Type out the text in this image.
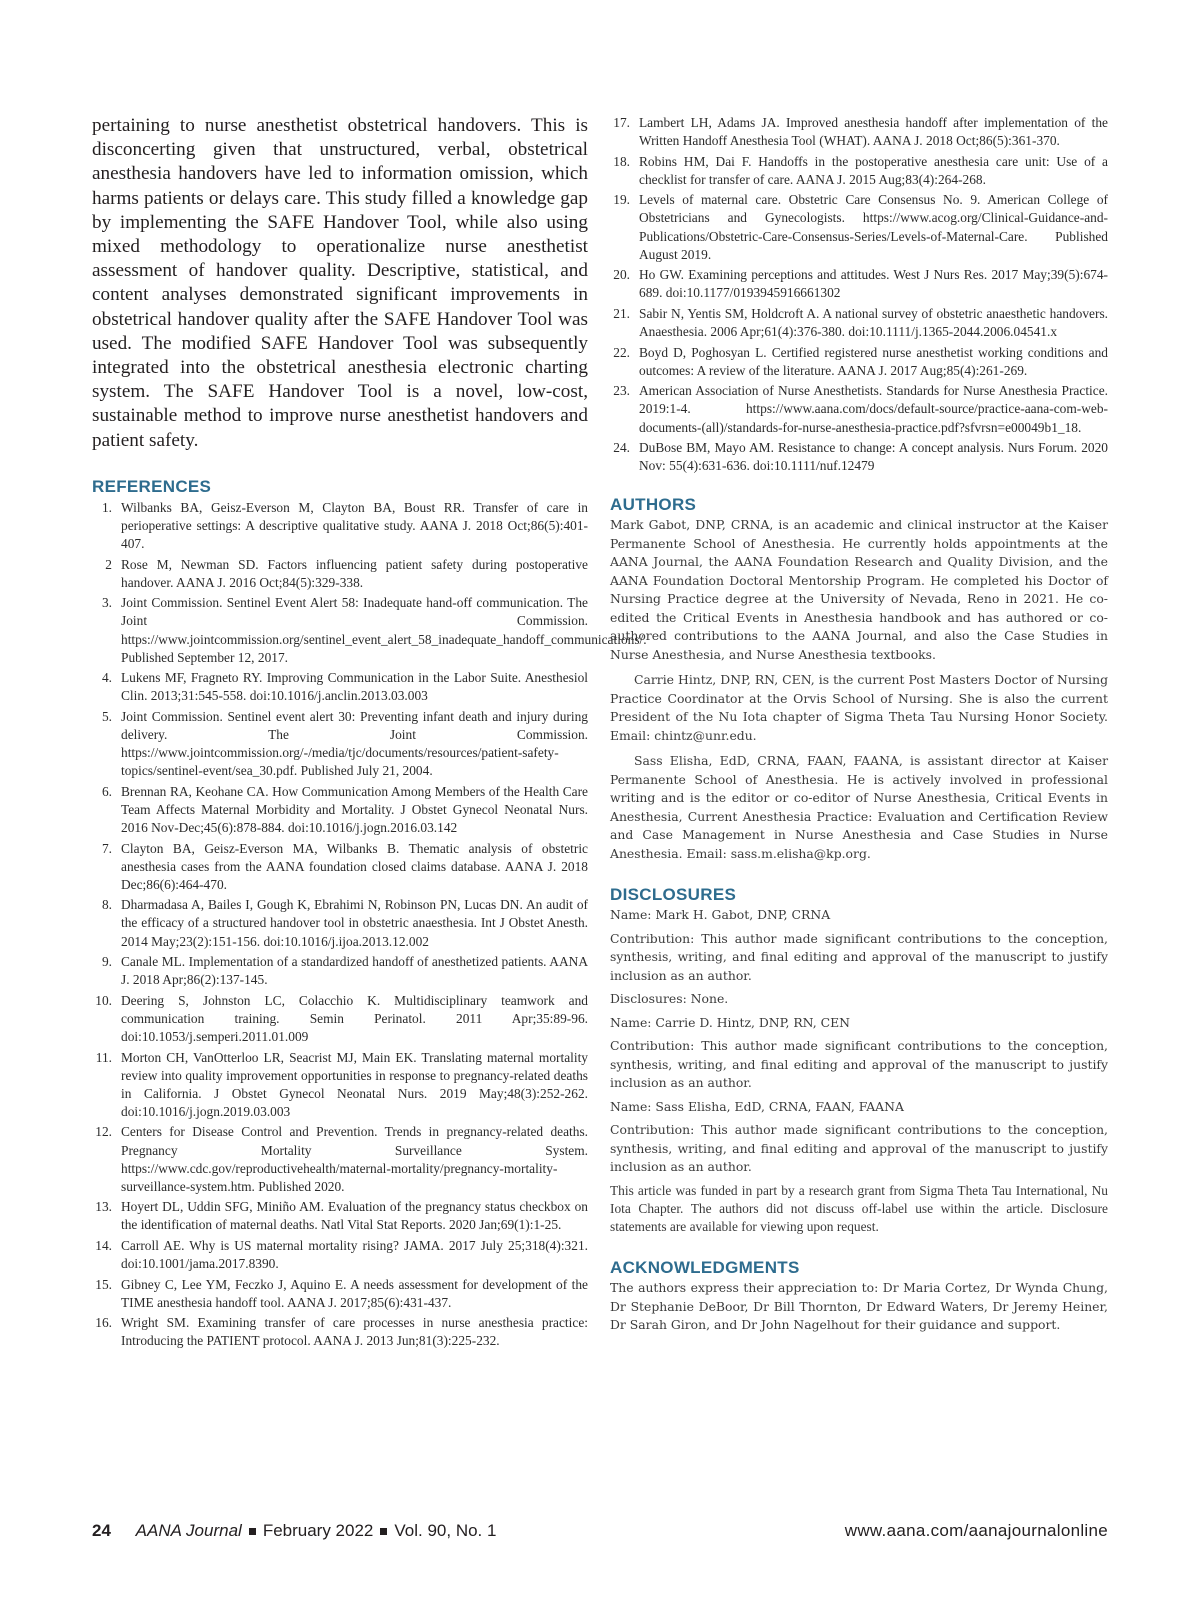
pertaining to nurse anesthetist obstetrical handovers. This is disconcerting given that unstructured, verbal, obstetrical anesthesia handovers have led to information omission, which harms patients or delays care. This study filled a knowledge gap by implementing the SAFE Handover Tool, while also using mixed methodology to operationalize nurse anesthetist assessment of handover quality. Descriptive, statistical, and content analyses demonstrated significant improvements in obstetrical handover quality after the SAFE Handover Tool was used. The modified SAFE Handover Tool was subsequently integrated into the obstetrical anesthesia electronic charting system. The SAFE Handover Tool is a novel, low-cost, sustainable method to improve nurse anesthetist handovers and patient safety.

REFERENCES
1. Wilbanks BA, Geisz-Everson M, Clayton BA, Boust RR. Transfer of care in perioperative settings: A descriptive qualitative study. AANA J. 2018 Oct;86(5):401-407.
2 Rose M, Newman SD. Factors influencing patient safety during postoperative handover. AANA J. 2016 Oct;84(5):329-338.
3. Joint Commission. Sentinel Event Alert 58: Inadequate hand-off communication. The Joint Commission. https://www.jointcommission.org/sentinel_event_alert_58_inadequate_handoff_communications/. Published September 12, 2017.
4. Lukens MF, Fragneto RY. Improving Communication in the Labor Suite. Anesthesiol Clin. 2013;31:545-558. doi:10.1016/j.anclin.2013.03.003
5. Joint Commission. Sentinel event alert 30: Preventing infant death and injury during delivery. The Joint Commission. https://www.jointcommission.org/-/media/tjc/documents/resources/patient-safety-topics/sentinel-event/sea_30.pdf. Published July 21, 2004.
6. Brennan RA, Keohane CA. How Communication Among Members of the Health Care Team Affects Maternal Morbidity and Mortality. J Obstet Gynecol Neonatal Nurs. 2016 Nov-Dec;45(6):878-884. doi:10.1016/j.jogn.2016.03.142
7. Clayton BA, Geisz-Everson MA, Wilbanks B. Thematic analysis of obstetric anesthesia cases from the AANA foundation closed claims database. AANA J. 2018 Dec;86(6):464-470.
8. Dharmadasa A, Bailes I, Gough K, Ebrahimi N, Robinson PN, Lucas DN. An audit of the efficacy of a structured handover tool in obstetric anaesthesia. Int J Obstet Anesth. 2014 May;23(2):151-156. doi:10.1016/j.ijoa.2013.12.002
9. Canale ML. Implementation of a standardized handoff of anesthetized patients. AANA J. 2018 Apr;86(2):137-145.
10. Deering S, Johnston LC, Colacchio K. Multidisciplinary teamwork and communication training. Semin Perinatol. 2011 Apr;35:89-96. doi:10.1053/j.semperi.2011.01.009
11. Morton CH, VanOtterloo LR, Seacrist MJ, Main EK. Translating maternal mortality review into quality improvement opportunities in response to pregnancy-related deaths in California. J Obstet Gynecol Neonatal Nurs. 2019 May;48(3):252-262. doi:10.1016/j.jogn.2019.03.003
12. Centers for Disease Control and Prevention. Trends in pregnancy-related deaths. Pregnancy Mortality Surveillance System. https://www.cdc.gov/reproductivehealth/maternal-mortality/pregnancy-mortality-surveillance-system.htm. Published 2020.
13. Hoyert DL, Uddin SFG, Miniño AM. Evaluation of the pregnancy status checkbox on the identification of maternal deaths. Natl Vital Stat Reports. 2020 Jan;69(1):1-25.
14. Carroll AE. Why is US maternal mortality rising? JAMA. 2017 July 25;318(4):321. doi:10.1001/jama.2017.8390.
15. Gibney C, Lee YM, Feczko J, Aquino E. A needs assessment for development of the TIME anesthesia handoff tool. AANA J. 2017;85(6):431-437.
16. Wright SM. Examining transfer of care processes in nurse anesthesia practice: Introducing the PATIENT protocol. AANA J. 2013 Jun;81(3):225-232.
17. Lambert LH, Adams JA. Improved anesthesia handoff after implementation of the Written Handoff Anesthesia Tool (WHAT). AANA J. 2018 Oct;86(5):361-370.
18. Robins HM, Dai F. Handoffs in the postoperative anesthesia care unit: Use of a checklist for transfer of care. AANA J. 2015 Aug;83(4):264-268.
19. Levels of maternal care. Obstetric Care Consensus No. 9. American College of Obstetricians and Gynecologists. https://www.acog.org/Clinical-Guidance-and-Publications/Obstetric-Care-Consensus-Series/Levels-of-Maternal-Care. Published August 2019.
20. Ho GW. Examining perceptions and attitudes. West J Nurs Res. 2017 May;39(5):674-689. doi:10.1177/0193945916661302
21. Sabir N, Yentis SM, Holdcroft A. A national survey of obstetric anaesthetic handovers. Anaesthesia. 2006 Apr;61(4):376-380. doi:10.1111/j.1365-2044.2006.04541.x
22. Boyd D, Poghosyan L. Certified registered nurse anesthetist working conditions and outcomes: A review of the literature. AANA J. 2017 Aug;85(4):261-269.
23. American Association of Nurse Anesthetists. Standards for Nurse Anesthesia Practice. 2019:1-4. https://www.aana.com/docs/default-source/practice-aana-com-web-documents-(all)/standards-for-nurse-anesthesia-practice.pdf?sfvrsn=e00049b1_18.
24. DuBose BM, Mayo AM. Resistance to change: A concept analysis. Nurs Forum. 2020 Nov: 55(4):631-636. doi:10.1111/nuf.12479
AUTHORS

Mark Gabot, DNP, CRNA, is an academic and clinical instructor at the Kaiser Permanente School of Anesthesia. He currently holds appointments at the AANA Journal, the AANA Foundation Research and Quality Division, and the AANA Foundation Doctoral Mentorship Program. He completed his Doctor of Nursing Practice degree at the University of Nevada, Reno in 2021. He co-edited the Critical Events in Anesthesia handbook and has authored or co-authored contributions to the AANA Journal, and also the Case Studies in Nurse Anesthesia, and Nurse Anesthesia textbooks.

Carrie Hintz, DNP, RN, CEN, is the current Post Masters Doctor of Nursing Practice Coordinator at the Orvis School of Nursing. She is also the current President of the Nu Iota chapter of Sigma Theta Tau Nursing Honor Society. Email: chintz@unr.edu.

Sass Elisha, EdD, CRNA, FAAN, FAANA, is assistant director at Kaiser Permanente School of Anesthesia. He is actively involved in professional writing and is the editor or co-editor of Nurse Anesthesia, Critical Events in Anesthesia, Current Anesthesia Practice: Evaluation and Certification Review and Case Management in Nurse Anesthesia and Case Studies in Nurse Anesthesia. Email: sass.m.elisha@kp.org.

DISCLOSURES

Name: Mark H. Gabot, DNP, CRNA

Contribution: This author made significant contributions to the conception, synthesis, writing, and final editing and approval of the manuscript to justify inclusion as an author.

Disclosures: None.

Name: Carrie D. Hintz, DNP, RN, CEN

Contribution: This author made significant contributions to the conception, synthesis, writing, and final editing and approval of the manuscript to justify inclusion as an author.

Name: Sass Elisha, EdD, CRNA, FAAN, FAANA

Contribution: This author made significant contributions to the conception, synthesis, writing, and final editing and approval of the manuscript to justify inclusion as an author.

This article was funded in part by a research grant from Sigma Theta Tau International, Nu Iota Chapter. The authors did not discuss off-label use within the article. Disclosure statements are available for viewing upon request.

ACKNOWLEDGMENTS

The authors express their appreciation to: Dr Maria Cortez, Dr Wynda Chung, Dr Stephanie DeBoor, Dr Bill Thornton, Dr Edward Waters, Dr Jeremy Heiner, Dr Sarah Giron, and Dr John Nagelhout for their guidance and support.

24 AANA Journal February 2022 Vol. 90, No. 1	www.aana.com/aanajournalonline
